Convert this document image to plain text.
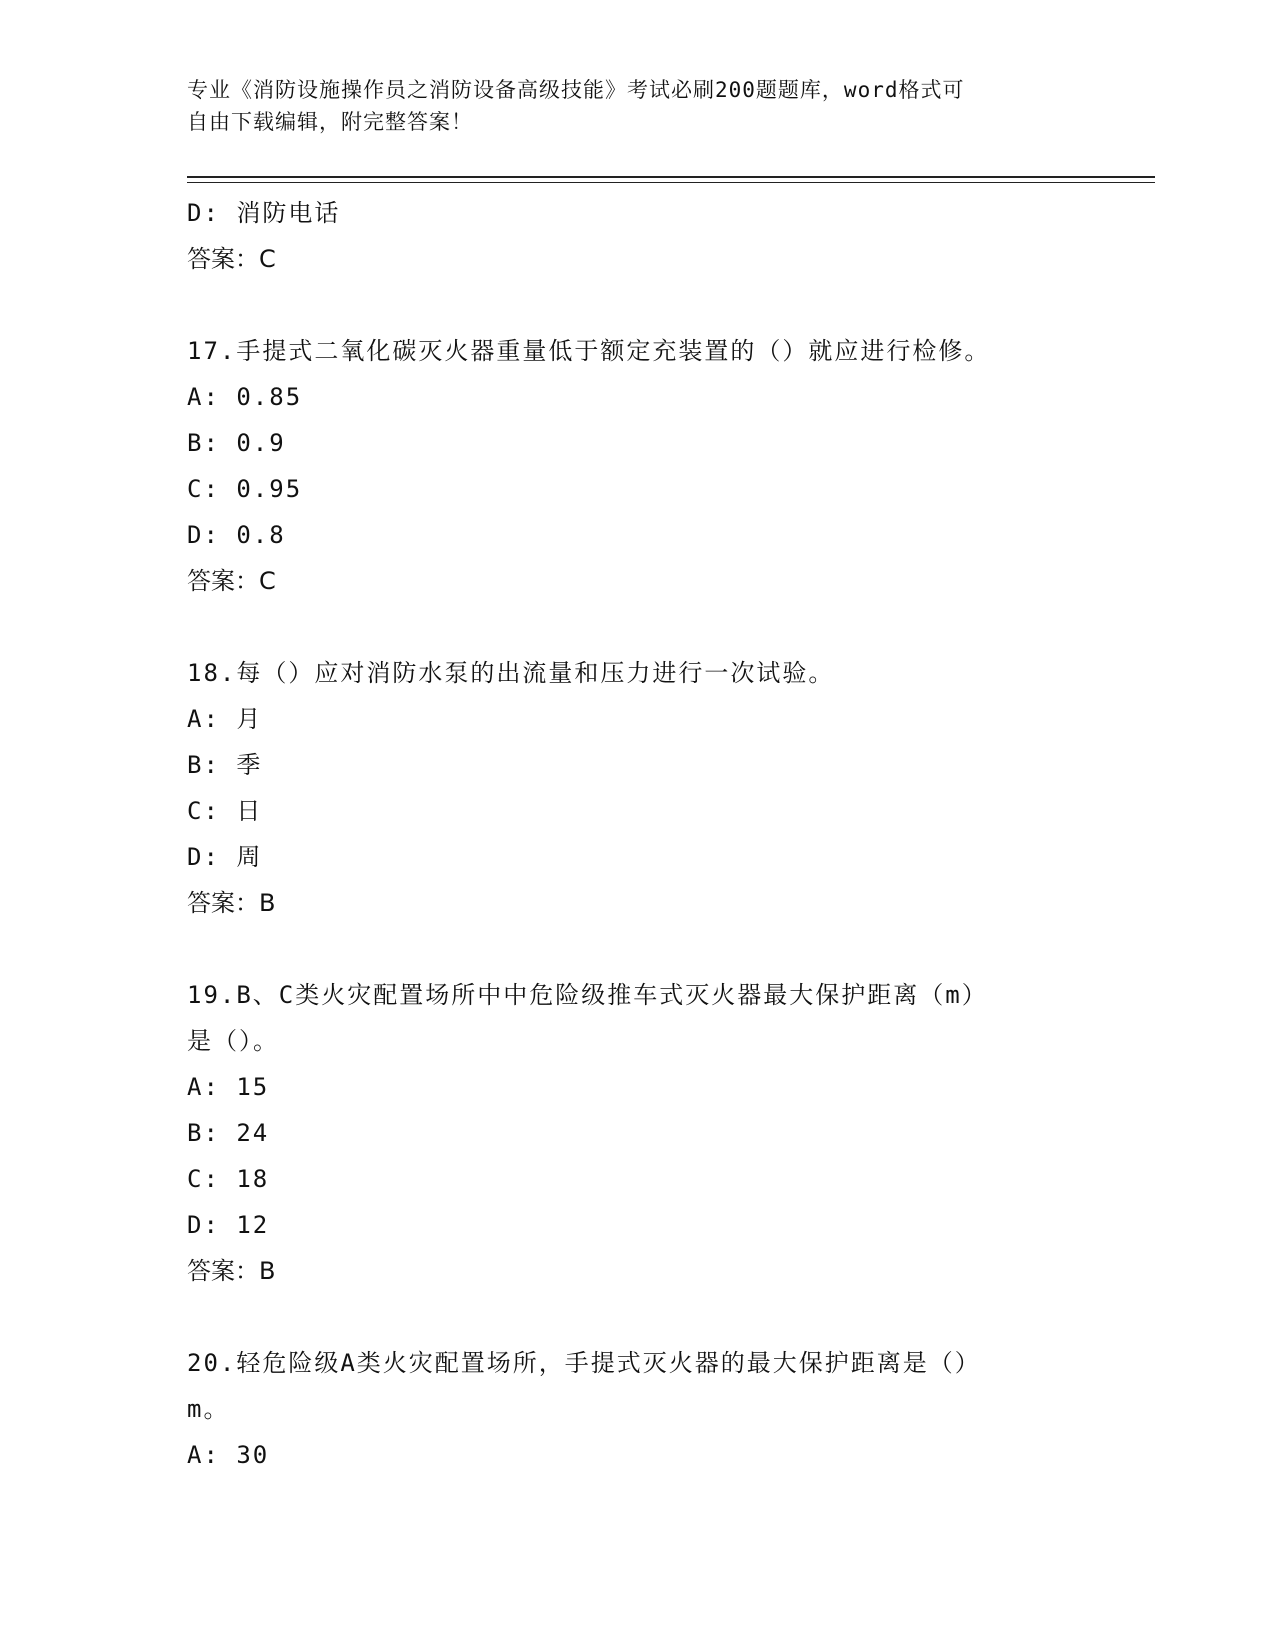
专业《消防设施操作员之消防设备高级技能》考试必刷200题题库，word格式可
自由下载编辑，附完整答案！
D: 消防电话
答案：C
17.手提式二氧化碳灭火器重量低于额定充装置的（）就应进行检修。
A: 0.85
B: 0.9
C: 0.95
D: 0.8
答案：C
18.每（）应对消防水泵的出流量和压力进行一次试验。
A: 月
B: 季
C: 日
D: 周
答案：B
19.B、C类火灾配置场所中中危险级推车式灭火器最大保护距离（m）
是（）。
A: 15
B: 24
C: 18
D: 12
答案：B
20.轻危险级A类火灾配置场所，手提式灭火器的最大保护距离是（）
m。
A: 30
